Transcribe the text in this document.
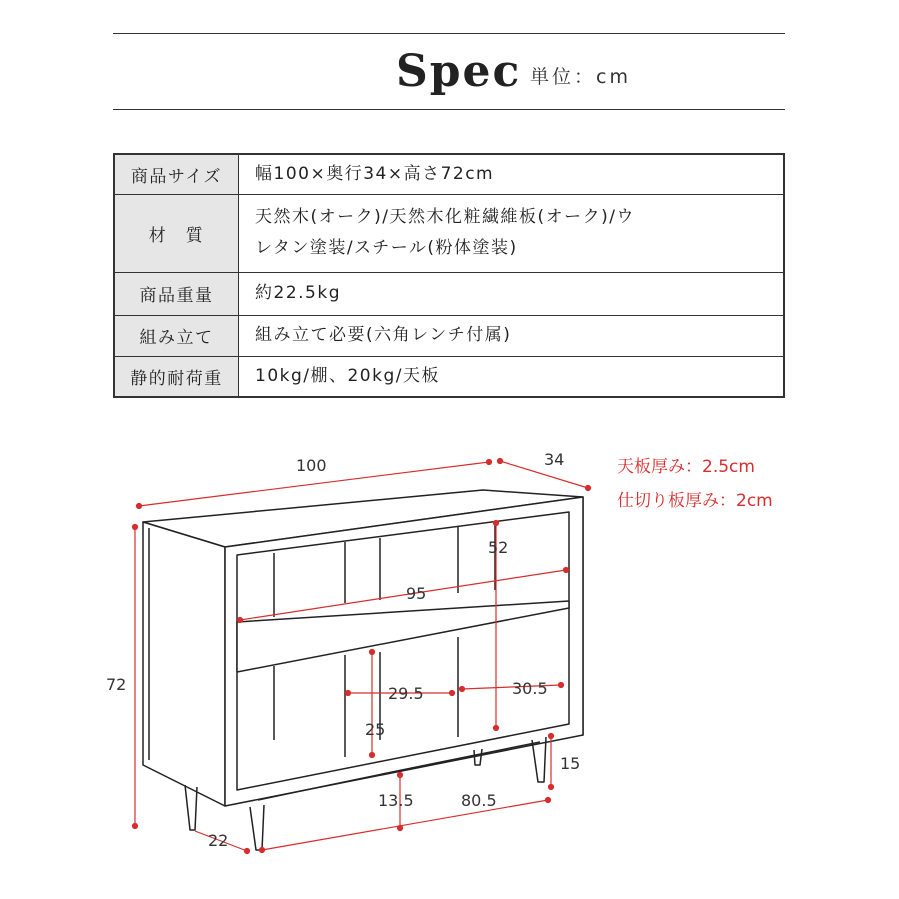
Spec 単位：cm
商品サイズ	幅100×奥行34×高さ72cm
材　質	天然木(オーク)/天然木化粧繊維板(オーク)/ウレタン塗装/スチール(粉体塗装)
商品重量	約22.5kg
組み立て	組み立て必要(六角レンチ付属)
静的耐荷重	10kg/棚、20kg/天板
天板厚み：2.5cm
仕切り板厚み：2cm
100	34
72
95
52
29.5	30.5
25
15
13.5	80.5
22
